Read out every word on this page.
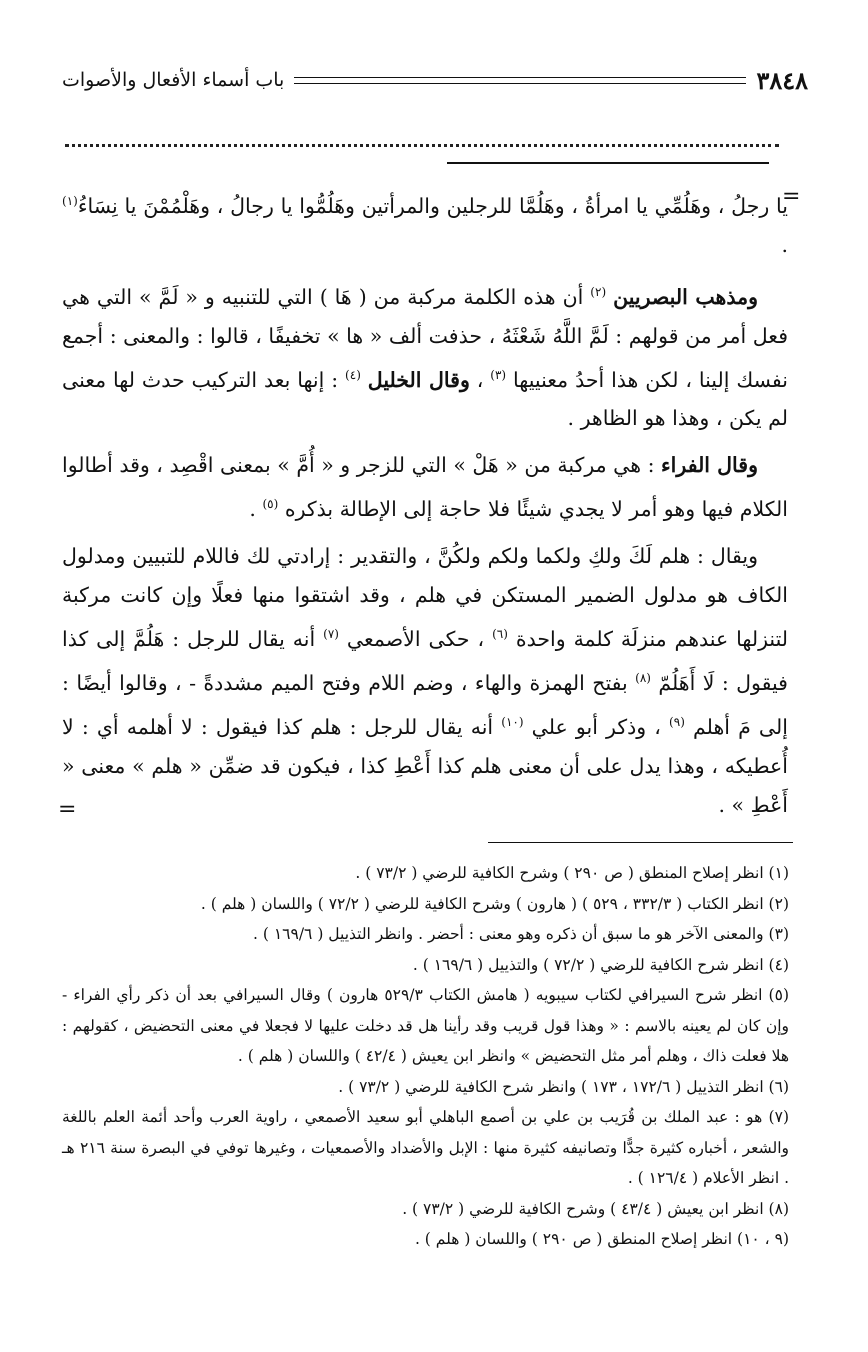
باب أسماء الأفعال والأصوات	٣٨٤٨
=

يا رجلُ ، وهَلُمِّي يا امرأةُ ، وهَلُمَّا للرجلين والمرأتين وهَلُمُّوا يا رجالُ ، وهَلْمُمْنَ يا نِسَاءُ$^{(١)}$ .

ومذهب البصريين $^{(٢)}$ أن هذه الكلمة مركبة من ( هَا ) التي للتنبيه و « لَمَّ » التي هي فعل أمر من قولهم : لَمَّ اللَّهُ شَعْثَهُ ، حذفت ألف « ها » تخفيفًا ، قالوا : والمعنى : أجمع نفسك إلينا ، لكن هذا أحدُ معنييها $^{(٣)}$ ، وقال الخليل $^{(٤)}$ : إنها بعد التركيب حدث لها معنى لم يكن ، وهذا هو الظاهر .

وقال الفراء : هي مركبة من « هَلْ » التي للزجر و « أُمَّ » بمعنى اقْصِد ، وقد أطالوا الكلام فيها وهو أمر لا يجدي شيئًا فلا حاجة إلى الإطالة بذكره $^{(٥)}$ .

ويقال : هلم لَكَ ولكِ ولكما ولكم ولكُنَّ ، والتقدير : إرادتي لك فاللام للتبيين ومدلول الكاف هو مدلول الضمير المستكن في هلم ، وقد اشتقوا منها فعلًا وإن كانت مركبة لتنزلها عندهم منزلَة كلمة واحدة $^{(٦)}$ ، حكى الأصمعي $^{(٧)}$ أنه يقال للرجل : هَلُمَّ إلى كذا فيقول : لَا أَهَلُمّ $^{(٨)}$ بفتح الهمزة والهاء ، وضم اللام وفتح الميم مشددةً - ، وقالوا أيضًا : إلى مَ أهلم $^{(٩)}$ ، وذكر أبو علي $^{(١٠)}$ أنه يقال للرجل : هلم كذا فيقول : لا أهلمه أي : لا أُعطيكه ، وهذا يدل على أن معنى هلم كذا أَعْطِ كذا ، فيكون قد ضمِّن « هلم » معنى « أَعْطِ » .

=
(١) انظر إصلاح المنطق ( ص ٢٩٠ ) وشرح الكافية للرضي ( ٧٣/٢ ) .
(٢) انظر الكتاب ( ٣٣٢/٣ ، ٥٢٩ ) ( هارون ) وشرح الكافية للرضي ( ٧٢/٢ ) واللسان ( هلم ) .
(٣) والمعنى الآخر هو ما سبق أن ذكره وهو معنى : أحضر . وانظر التذييل ( ١٦٩/٦ ) .
(٤) انظر شرح الكافية للرضي ( ٧٢/٢ ) والتذييل ( ١٦٩/٦ ) .
(٥) انظر شرح السيرافي لكتاب سيبويه ( هامش الكتاب ٥٢٩/٣ هارون ) وقال السيرافي بعد أن ذكر رأي الفراء - وإن كان لم يعينه بالاسم : « وهذا قول قريب وقد رأينا هل قد دخلت عليها لا فجعلا في معنى التحضيض ، كقولهم : هلا فعلت ذاك ، وهلم أمر مثل التحضيض » وانظر ابن يعيش ( ٤٢/٤ ) واللسان ( هلم ) .
(٦) انظر التذييل ( ١٧٢/٦ ، ١٧٣ ) وانظر شرح الكافية للرضي ( ٧٣/٢ ) .
(٧) هو : عبد الملك بن قُرَيب بن علي بن أصمع الباهلي أبو سعيد الأصمعي ، راوية العرب وأحد أئمة العلم باللغة والشعر ، أخباره كثيرة جدًّا وتصانيفه كثيرة منها : الإبل والأضداد والأصمعيات ، وغيرها توفي في البصرة سنة ٢١٦ هـ . انظر الأعلام ( ١٢٦/٤ ) .
(٨) انظر ابن يعيش ( ٤٣/٤ ) وشرح الكافية للرضي ( ٧٣/٢ ) .
(٩ ، ١٠) انظر إصلاح المنطق ( ص ٢٩٠ ) واللسان ( هلم ) .
